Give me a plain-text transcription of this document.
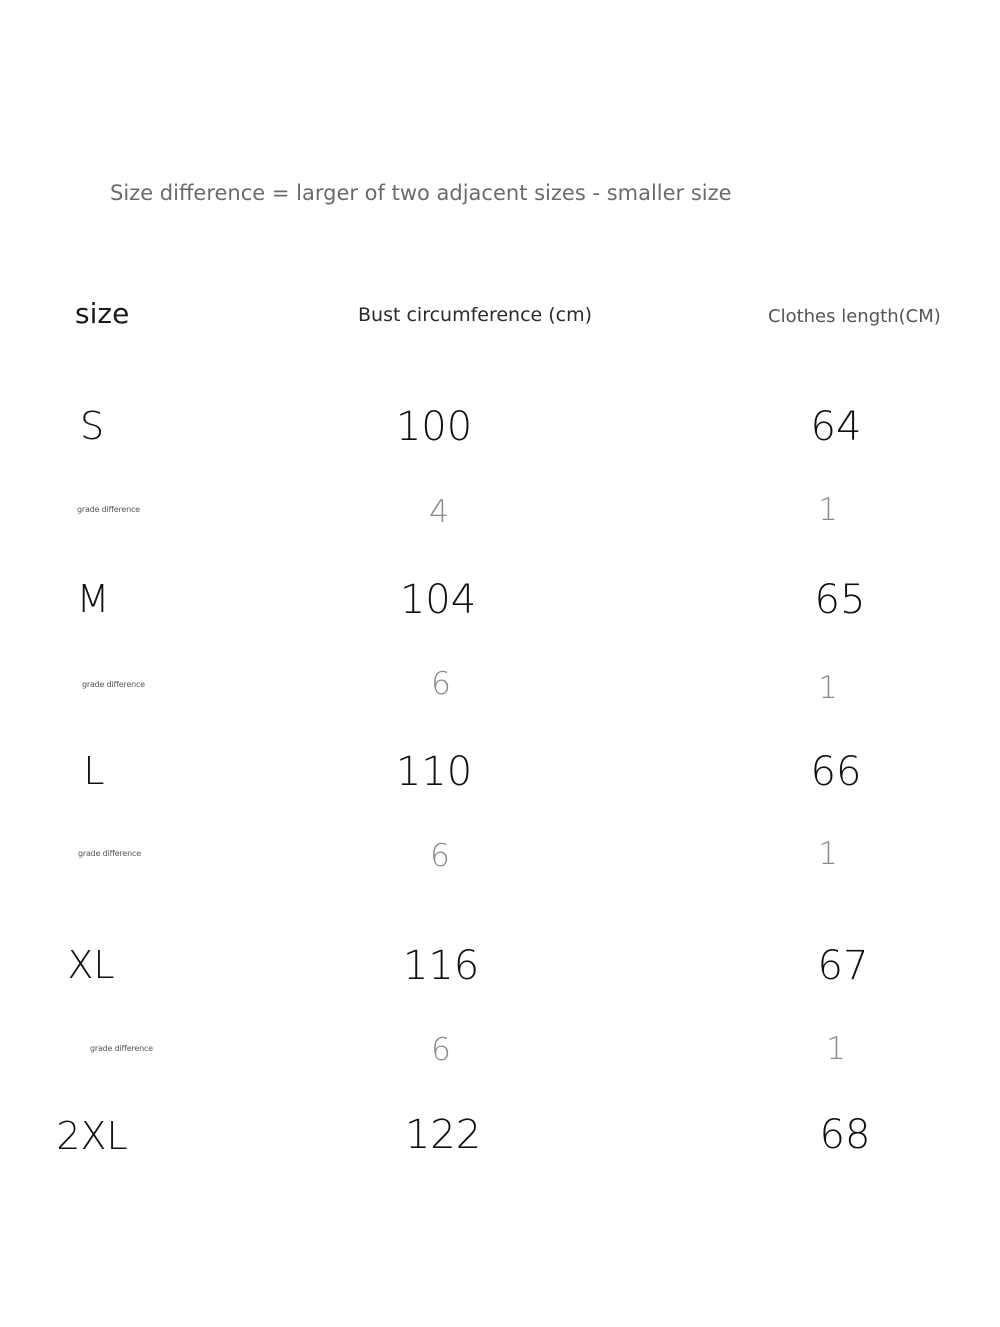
Size difference = larger of two adjacent sizes - smaller size
size	Bust circumference (cm)	Clothes length(CM)
S	100	64
grade difference	4	1
M	104	65
grade difference	6	1
L	110	66
grade difference	6	1
XL	116	67
grade difference	6	1
2XL	122	68
